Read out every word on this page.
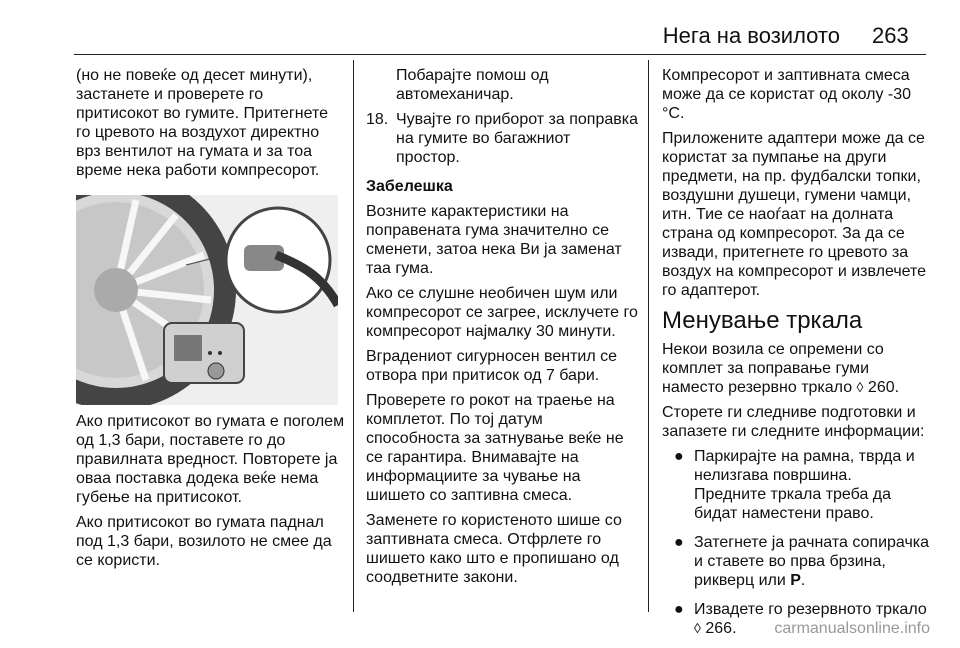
Нега на возилото 263

(но не повеќе од десет минути), застанете и проверете го притисокот во гумите. Притегнете го цревото на воздухот директно врз вентилот на гумата и за тоа време нека работи компресорот.

Ако притисокот во гумата е поголем од 1,3 бари, поставете го до правилната вредност. Повторете ја оваа поставка додека веќе нема губење на притисокот.

Ако притисокот во гумата паднал под 1,3 бари, возилото не смее да се користи.

Побарајте помош од автомеханичар.

18. Чувајте го приборот за поправка на гумите во багажниот простор.

Забелешка

Возните карактеристики на поправената гума значително се сменети, затоа нека Ви ја заменат таа гума.

Ако се слушне необичен шум или компресорот се загрее, исклучете го компресорот најмалку 30 минути.

Вградениот сигурносен вентил се отвора при притисок од 7 бари.

Проверете го рокот на траење на комплетот. По тој датум способноста за затнување веќе не се гарантира. Внимавајте на информациите за чување на шишето со заптивна смеса.

Заменете го користеното шише со заптивната смеса. Отфрлете го шишето како што е пропишано од соодветните закони.

Компресорот и заптивната смеса може да се користат од околу -30 °C.

Приложените адаптери може да се користат за пумпање на други предмети, на пр. фудбалски топки, воздушни душеци, гумени чамци, итн. Тие се наоѓаат на долната страна од компресорот. За да се извади, притегнете го цревото за воздух на компресорот и извлечете го адаптерот.

Менување тркала

Некои возила се опремени со комплет за поправање гуми наместо резервно тркало ◊ 260.

Сторете ги следниве подготовки и запазете ги следните информации:

● Паркирајте на рамна, тврда и нелизгава површина.
Предните тркала треба да бидат наместени право.
● Затегнете ја рачната сопирачка и ставете во прва брзина, рикверц или P.
● Извадете го резервното тркало
◊ 266.	carmanualsonline.info
